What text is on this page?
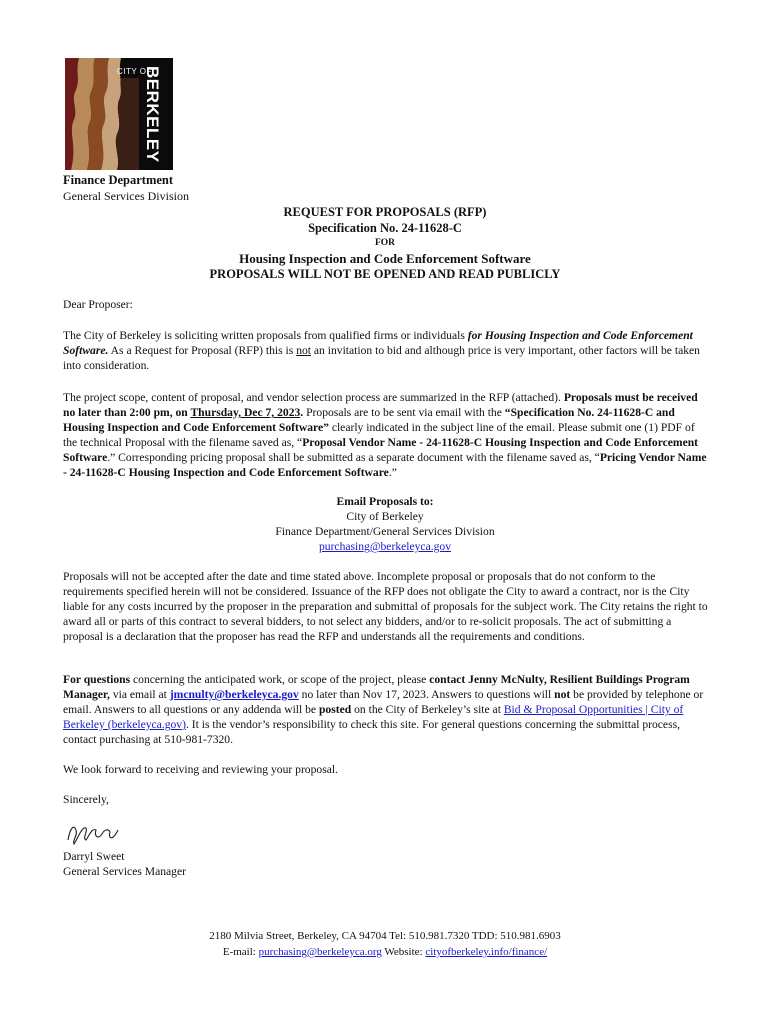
CITY OF
BERKELEY
Finance Department
General Services Division
REQUEST FOR PROPOSALS (RFP)
Specification No. 24-11628-C
FOR
Housing Inspection and Code Enforcement Software
PROPOSALS WILL NOT BE OPENED AND READ PUBLICLY
Dear Proposer:
The City of Berkeley is soliciting written proposals from qualified firms or individuals for Housing Inspection and Code Enforcement Software. As a Request for Proposal (RFP) this is not an invitation to bid and although price is very important, other factors will be taken into consideration.
The project scope, content of proposal, and vendor selection process are summarized in the RFP (attached). Proposals must be received no later than 2:00 pm, on Thursday, Dec 7, 2023. Proposals are to be sent via email with the “Specification No. 24-11628-C and Housing Inspection and Code Enforcement Software” clearly indicated in the subject line of the email. Please submit one (1) PDF of the technical Proposal with the filename saved as, “Proposal Vendor Name - 24-11628-C Housing Inspection and Code Enforcement Software.” Corresponding pricing proposal shall be submitted as a separate document with the filename saved as, “Pricing Vendor Name - 24-11628-C Housing Inspection and Code Enforcement Software.”
Email Proposals to:
City of Berkeley
Finance Department/General Services Division
purchasing@berkeleyca.gov
Proposals will not be accepted after the date and time stated above. Incomplete proposal or proposals that do not conform to the requirements specified herein will not be considered. Issuance of the RFP does not obligate the City to award a contract, nor is the City liable for any costs incurred by the proposer in the preparation and submittal of proposals for the subject work. The City retains the right to award all or parts of this contract to several bidders, to not select any bidders, and/or to re-solicit proposals. The act of submitting a proposal is a declaration that the proposer has read the RFP and understands all the requirements and conditions.
For questions concerning the anticipated work, or scope of the project, please contact Jenny McNulty, Resilient Buildings Program Manager, via email at jmcnulty@berkeleyca.gov no later than Nov 17, 2023. Answers to questions will not be provided by telephone or email. Answers to all questions or any addenda will be posted on the City of Berkeley’s site at Bid & Proposal Opportunities | City of Berkeley (berkeleyca.gov). It is the vendor’s responsibility to check this site. For general questions concerning the submittal process, contact purchasing at 510-981-7320.
We look forward to receiving and reviewing your proposal.
Sincerely,
Darryl Sweet
General Services Manager
2180 Milvia Street, Berkeley, CA 94704 Tel: 510.981.7320 TDD: 510.981.6903
E-mail: purchasing@berkeleyca.org Website: cityofberkeley.info/finance/
